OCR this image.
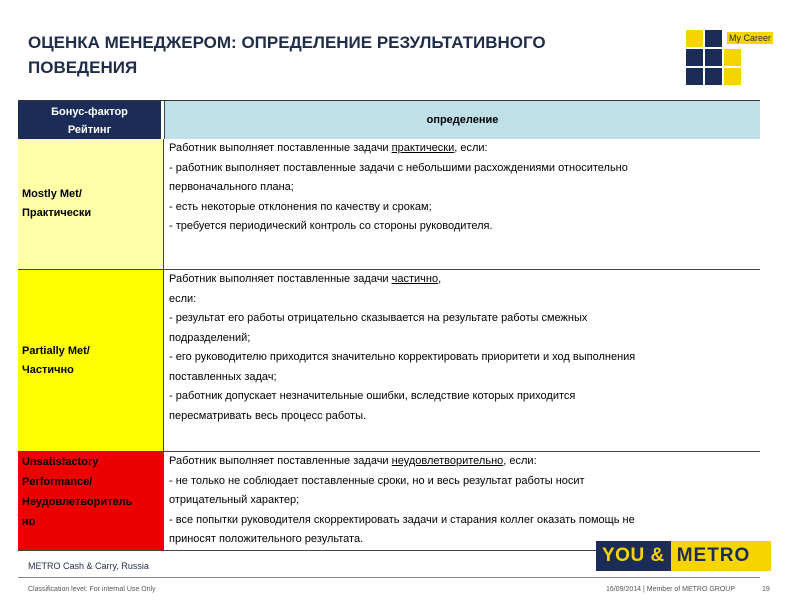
ОЦЕНКА МЕНЕДЖЕРОМ: ОПРЕДЕЛЕНИЕ РЕЗУЛЬТАТИВНОГО
ПОВЕДЕНИЯ
My Career
Бонус-фактор
Рейтинг
определение
Mostly Met/
Практически
Работник выполняет поставленные задачи практически, если:
- работник выполняет поставленные задачи с небольшими расхождениями относительно
первоначального плана;
- есть некоторые отклонения по качеству и срокам;
- требуется периодический контроль со стороны руководителя.
Partially Met/
Частично
Работник выполняет поставленные задачи частично,
если:
- результат его работы отрицательно сказывается на результате работы смежных
подразделений;
- его руководителю приходится значительно корректировать приоритети и ход выполнения
поставленных задач;
- работник допускает незначительные ошибки, вследствие которых приходится
пересматривать весь процесс работы.
Unsatisfactory
Performance/
Неудовлетворитель
но
Работник выполняет поставленные задачи неудовлетворительно, если:
- не только не соблюдает поставленные сроки, но и весь результат работы носит
отрицательный характер;
- все попытки руководителя скорректировать задачи и старания коллег оказать помощь не
приносят положительного результата.
YOU & METRO
METRO Cash & Carry, Russia
Classification level: For internal Use Only	16/09/2014 | Member of METRO GROUP	19
